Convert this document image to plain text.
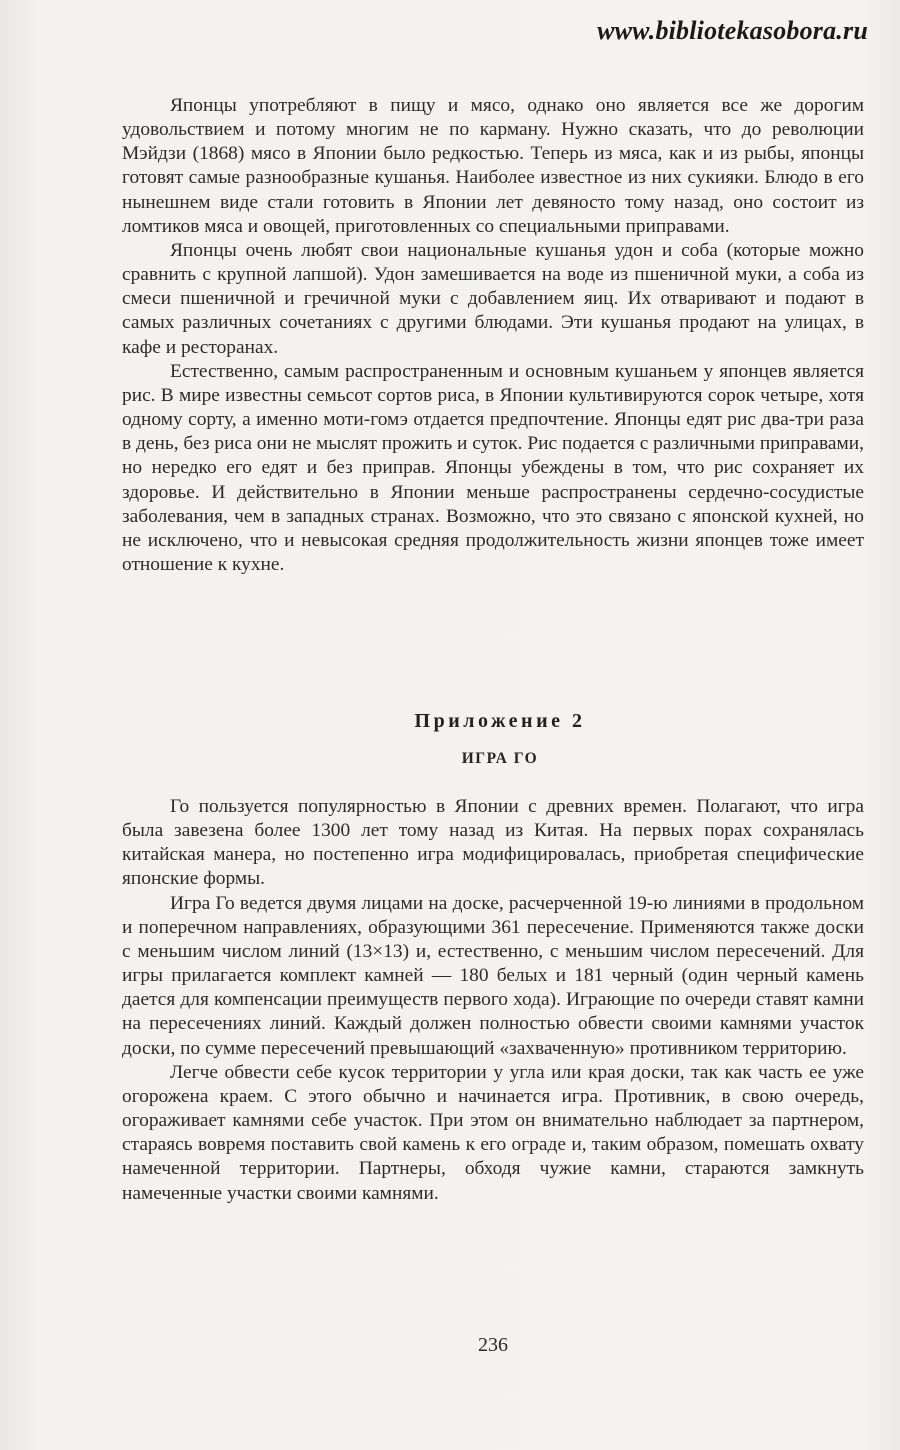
www.bibliotekasobora.ru

Японцы употребляют в пищу и мясо, однако оно является все же дорогим удовольствием и потому многим не по карману. Нужно сказать, что до революции Мэйдзи (1868) мясо в Японии было редкостью. Теперь из мяса, как и из рыбы, японцы готовят самые разнообразные кушанья. Наиболее известное из них сукияки. Блюдо в его нынешнем виде стали готовить в Японии лет девяносто тому назад, оно состоит из ломтиков мяса и овощей, приготовленных со специальными приправами.

Японцы очень любят свои национальные кушанья удон и соба (которые можно сравнить с крупной лапшой). Удон замешивается на воде из пшеничной муки, а соба из смеси пшеничной и гречичной муки с добавлением яиц. Их отваривают и подают в самых различных сочетаниях с другими блюдами. Эти кушанья продают на улицах, в кафе и ресторанах.

Естественно, самым распространенным и основным кушаньем у японцев является рис. В мире известны семьсот сортов риса, в Японии культивируются сорок четыре, хотя одному сорту, а именно моти-гомэ отдается предпочтение. Японцы едят рис два-три раза в день, без риса они не мыслят прожить и суток. Рис подается с различными приправами, но нередко его едят и без приправ. Японцы убеждены в том, что рис сохраняет их здоровье. И действительно в Японии меньше распространены сердечно-сосудистые заболевания, чем в западных странах. Возможно, что это связано с японской кухней, но не исключено, что и невысокая средняя продолжительность жизни японцев тоже имеет отношение к кухне.

Приложение 2
ИГРА ГО

Го пользуется популярностью в Японии с древних времен. Полагают, что игра была завезена более 1300 лет тому назад из Китая. На первых порах сохранялась китайская манера, но постепенно игра модифицировалась, приобретая специфические японские формы.

Игра Го ведется двумя лицами на доске, расчерченной 19-ю линиями в продольном и поперечном направлениях, образующими 361 пересечение. Применяются также доски с меньшим числом линий (13×13) и, естественно, с меньшим числом пересечений. Для игры прилагается комплект камней — 180 белых и 181 черный (один черный камень дается для компенсации преимуществ первого хода). Играющие по очереди ставят камни на пересечениях линий. Каждый должен полностью обвести своими камнями участок доски, по сумме пересечений превышающий «захваченную» противником территорию.

Легче обвести себе кусок территории у угла или края доски, так как часть ее уже огорожена краем. С этого обычно и начинается игра. Противник, в свою очередь, огораживает камнями себе участок. При этом он внимательно наблюдает за партнером, стараясь вовремя поставить свой камень к его ограде и, таким образом, помешать охвату намеченной территории. Партнеры, обходя чужие камни, стараются замкнуть намеченные участки своими камнями.

236
